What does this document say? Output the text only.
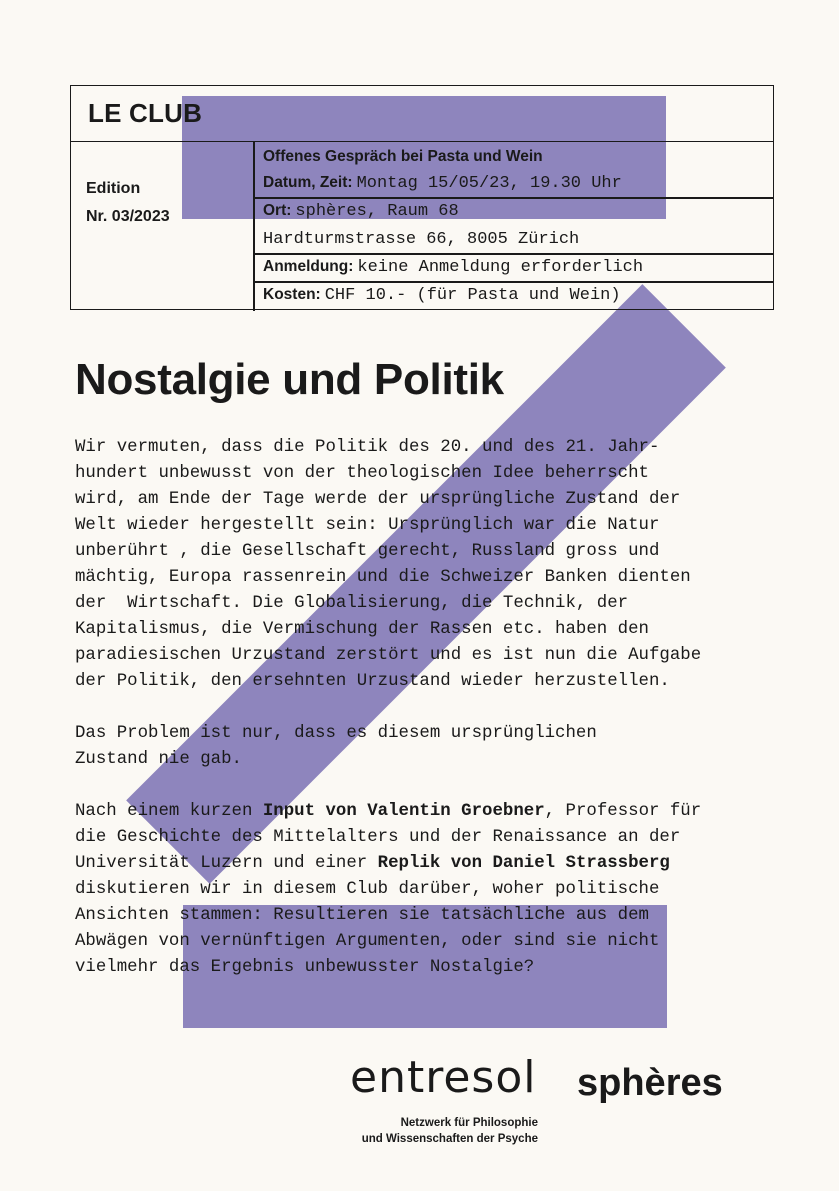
LE CLUB
Edition
Nr. 03/2023
Offenes Gespräch bei Pasta und Wein
Datum, Zeit: Montag 15/05/23, 19.30 Uhr
Ort: sphères, Raum 68
Hardturmstrasse 66, 8005 Zürich
Anmeldung: keine Anmeldung erforderlich
Kosten: CHF 10.- (für Pasta und Wein)
Nostalgie und Politik

Wir vermuten, dass die Politik des 20. und des 21. Jahr-
hundert unbewusst von der theologischen Idee beherrscht
wird, am Ende der Tage werde der ursprüngliche Zustand der
Welt wieder hergestellt sein: Ursprünglich war die Natur
unberührt , die Gesellschaft gerecht, Russland gross und
mächtig, Europa rassenrein und die Schweizer Banken dienten
der  Wirtschaft. Die Globalisierung, die Technik, der
Kapitalismus, die Vermischung der Rassen etc. haben den
paradiesischen Urzustand zerstört und es ist nun die Aufgabe
der Politik, den ersehnten Urzustand wieder herzustellen.

Das Problem ist nur, dass es diesem ursprünglichen
Zustand nie gab.

Nach einem kurzen Input von Valentin Groebner, Professor für
die Geschichte des Mittelalters und der Renaissance an der
Universität Luzern und einer Replik von Daniel Strassberg
diskutieren wir in diesem Club darüber, woher politische
Ansichten stammen: Resultieren sie tatsächliche aus dem
Abwägen von vernünftigen Argumenten, oder sind sie nicht
vielmehr das Ergebnis unbewusster Nostalgie?

entresol sphères
Netzwerk für Philosophie
und Wissenschaften der Psyche
